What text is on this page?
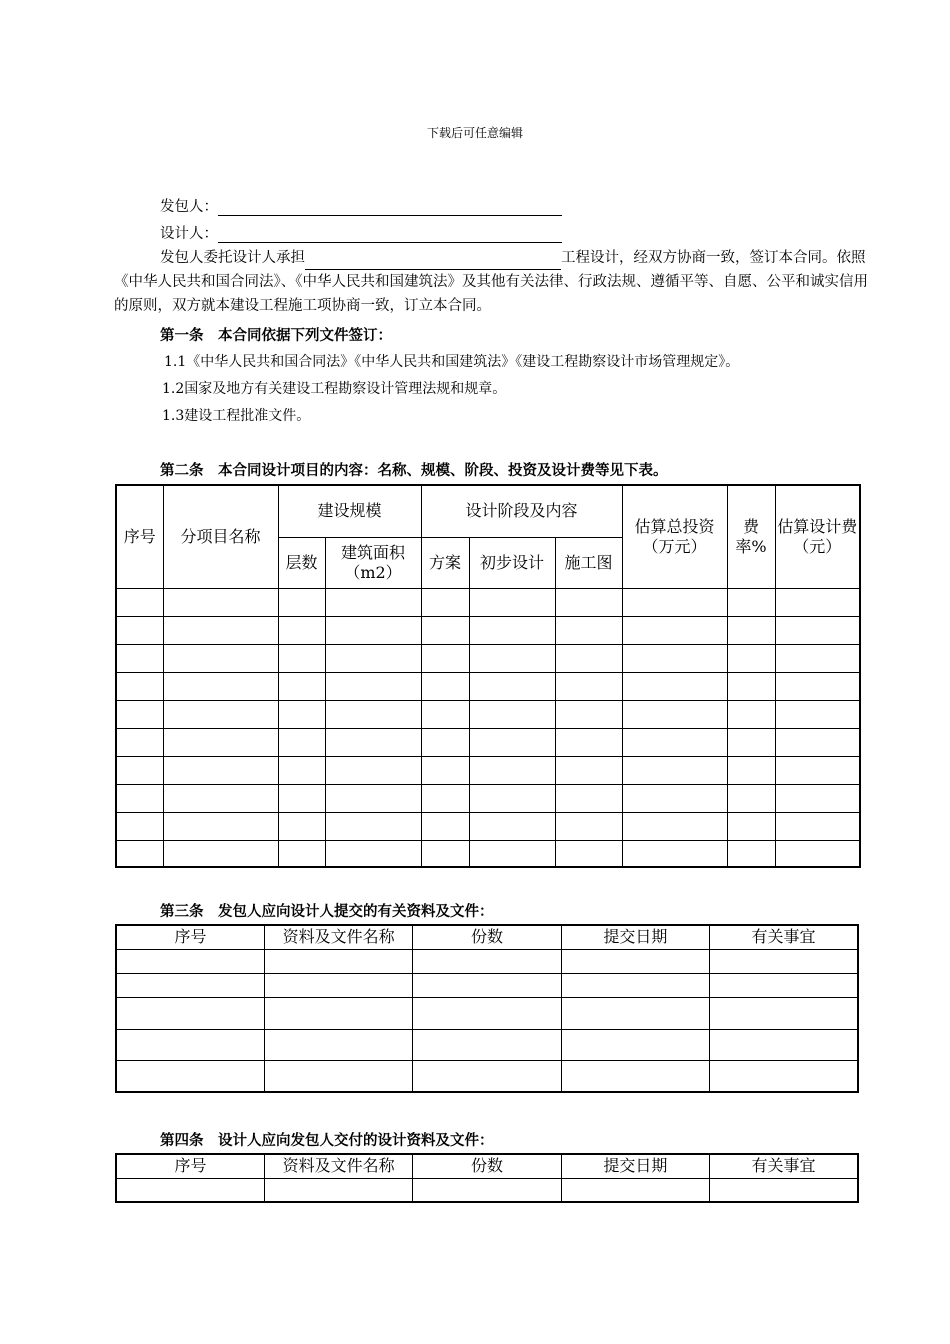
下载后可任意编辑
发包人：
设计人：
发包人委托设计人承担	工程设计，经双方协商一致，签订本合同。依照《中华人民共和国合同法》、《中华人民共和国建筑法》及其他有关法律、行政法规、遵循平等、自愿、公平和诚实信用的原则，双方就本建设工程施工项协商一致，订立本合同。
第一条　本合同依据下列文件签订：
1.1《中华人民共和国合同法》《中华人民共和国建筑法》《建设工程勘察设计市场管理规定》。
1.2国家及地方有关建设工程勘察设计管理法规和规章。
1.3建设工程批准文件。
第二条　本合同设计项目的内容：名称、规模、阶段、投资及设计费等见下表。
序号	分项目名称	建设规模		设计阶段及内容			估算总投资（万元）	费率%	估算设计费（元）
		层数	建筑面积（m2）	方案	初步设计	施工图			

第三条　发包人应向设计人提交的有关资料及文件：
序号	资料及文件名称	份数	提交日期	有关事宜

第四条　设计人应向发包人交付的设计资料及文件：
序号	资料及文件名称	份数	提交日期	有关事宜
